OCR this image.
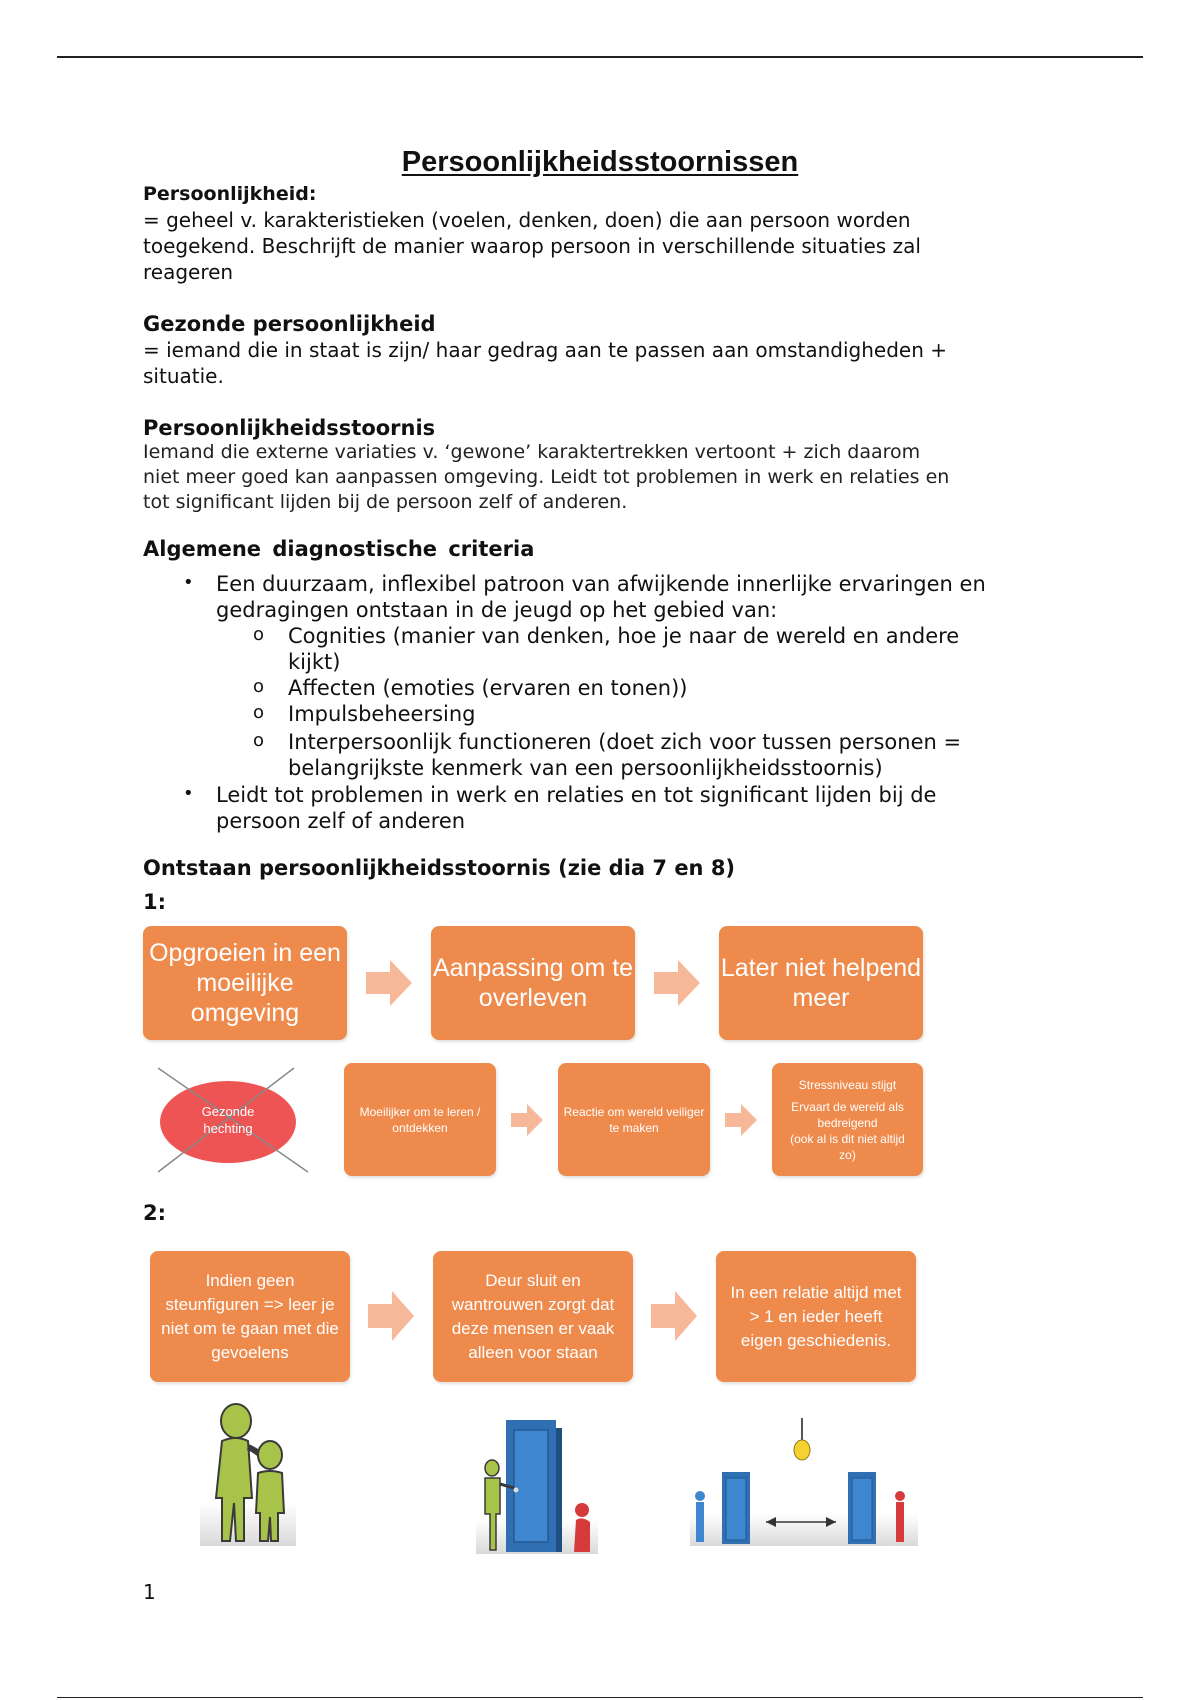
Persoonlijkheidsstoornissen
Persoonlijkheid:
= geheel v. karakteristieken (voelen, denken, doen) die aan persoon worden
toegekend. Beschrijft de manier waarop persoon in verschillende situaties zal
reageren
Gezonde persoonlijkheid
= iemand die in staat is zijn/ haar gedrag aan te passen aan omstandigheden +
situatie.
Persoonlijkheidsstoornis
Iemand die externe variaties v. ‘gewone’ karaktertrekken vertoont + zich daarom
niet meer goed kan aanpassen omgeving. Leidt tot problemen in werk en relaties en
tot significant lijden bij de persoon zelf of anderen.
Algemene diagnostische criteria
• Een duurzaam, inflexibel patroon van afwijkende innerlijke ervaringen en
gedragingen ontstaan in de jeugd op het gebied van:
o Cognities (manier van denken, hoe je naar de wereld en andere
kijkt)
o Affecten (emoties (ervaren en tonen))
o Impulsbeheersing
o Interpersoonlijk functioneren (doet zich voor tussen personen =
belangrijkste kenmerk van een persoonlijkheidsstoornis)
• Leidt tot problemen in werk en relaties en tot significant lijden bij de
persoon zelf of anderen
Ontstaan persoonlijkheidsstoornis (zie dia 7 en 8)
1:
Opgroeien in een moeilijke omgeving
Aanpassing om te overleven
Later niet helpend meer
Gezonde hechting
Moeilijker om te leren / ontdekken
Reactie om wereld veiliger te maken
Stressniveau stijgt
Ervaart de wereld als bedreigend
(ook al is dit niet altijd zo)
2:
Indien geen steunfiguren => leer je niet om te gaan met die gevoelens
Deur sluit en wantrouwen zorgt dat deze mensen er vaak alleen voor staan
In een relatie altijd met > 1 en ieder heeft eigen geschiedenis.
1
